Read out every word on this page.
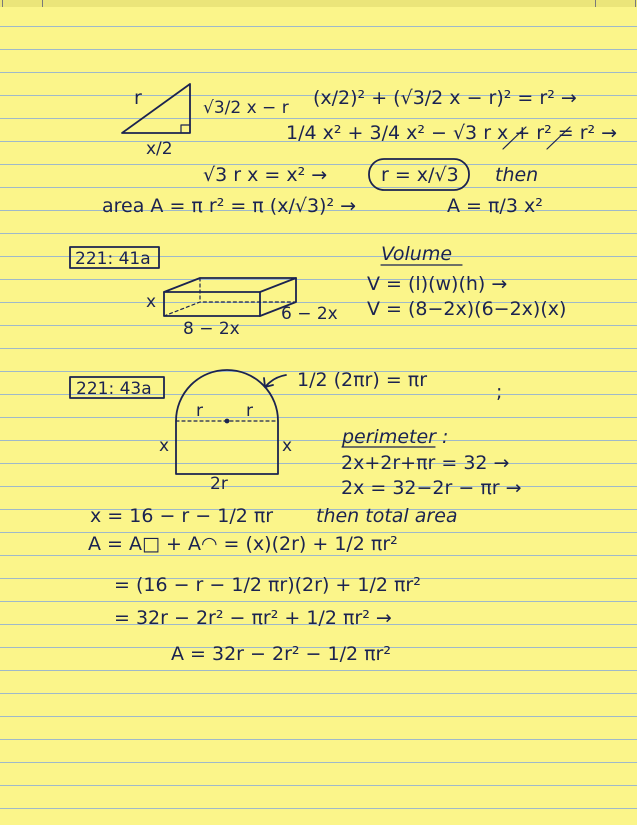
r	√3/2 x − r
x/2
(x/2)² + (√3/2 x − r)² = r² →
1/4 x² + 3/4 x² − √3 r x + r² = r² →
√3 r x = x² →	r = x/√3 then
area A = π r² = π (x/√3)² →	A = π/3 x²
221: 41a
x
8 − 2x
6 − 2x
Volume
V = (l)(w)(h) →
V = (8−2x)(6−2x)(x)
221: 43a
r	r
x	x
2r
1/2 (2πr) = πr
;
perimeter :
2x+2r+πr = 32 →
2x = 32−2r − πr →
x = 16 − r − 1/2 πr then total area
A = A□ + A◠ = (x)(2r) + 1/2 πr²
= (16 − r − 1/2 πr)(2r) + 1/2 πr²
= 32r − 2r² − πr² + 1/2 πr² →
A = 32r − 2r² − 1/2 πr²
